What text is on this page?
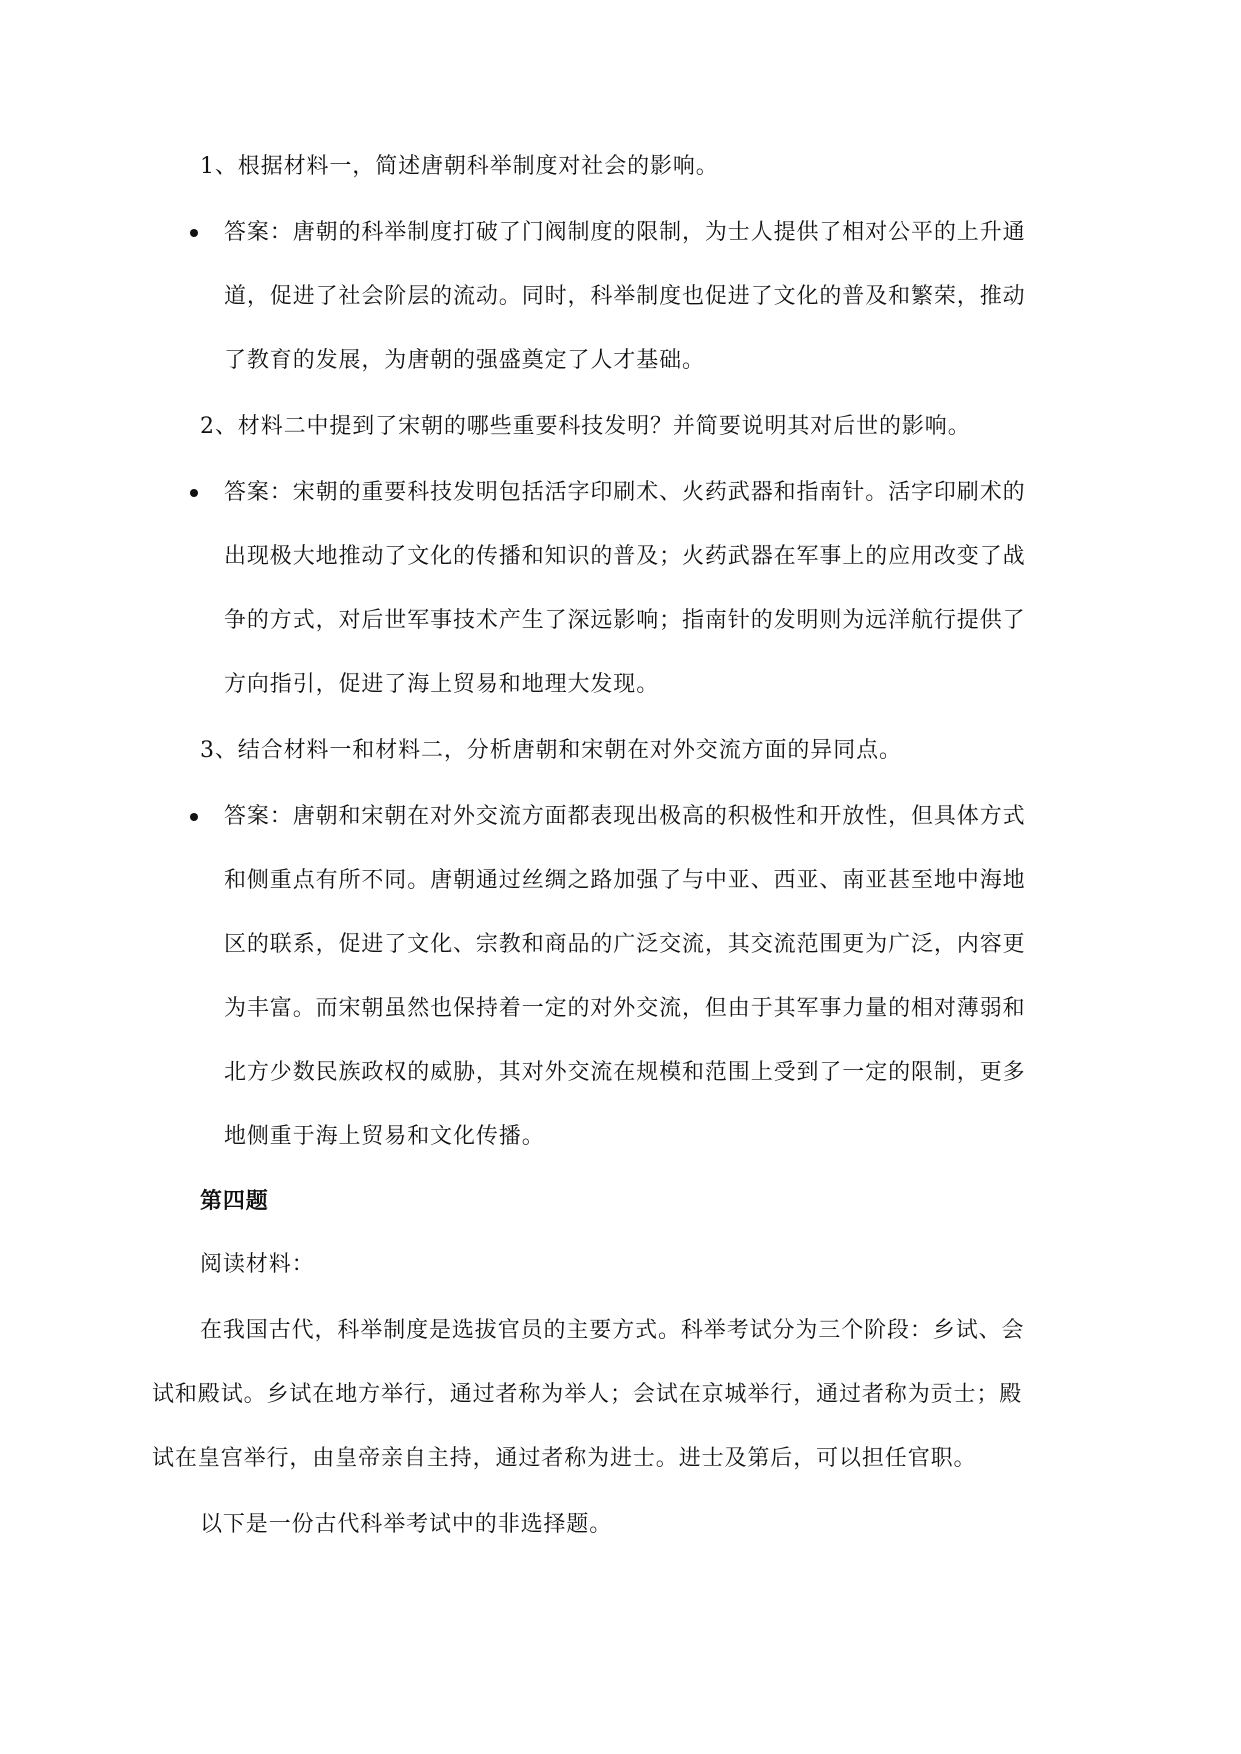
1、根据材料一，简述唐朝科举制度对社会的影响。
答案：唐朝的科举制度打破了门阀制度的限制，为士人提供了相对公平的上升通
道，促进了社会阶层的流动。同时，科举制度也促进了文化的普及和繁荣，推动
了教育的发展，为唐朝的强盛奠定了人才基础。
2、材料二中提到了宋朝的哪些重要科技发明？并简要说明其对后世的影响。
答案：宋朝的重要科技发明包括活字印刷术、火药武器和指南针。活字印刷术的
出现极大地推动了文化的传播和知识的普及；火药武器在军事上的应用改变了战
争的方式，对后世军事技术产生了深远影响；指南针的发明则为远洋航行提供了
方向指引，促进了海上贸易和地理大发现。
3、结合材料一和材料二，分析唐朝和宋朝在对外交流方面的异同点。
答案：唐朝和宋朝在对外交流方面都表现出极高的积极性和开放性，但具体方式
和侧重点有所不同。唐朝通过丝绸之路加强了与中亚、西亚、南亚甚至地中海地
区的联系，促进了文化、宗教和商品的广泛交流，其交流范围更为广泛，内容更
为丰富。而宋朝虽然也保持着一定的对外交流，但由于其军事力量的相对薄弱和
北方少数民族政权的威胁，其对外交流在规模和范围上受到了一定的限制，更多
地侧重于海上贸易和文化传播。
第四题
阅读材料：
在我国古代，科举制度是选拔官员的主要方式。科举考试分为三个阶段：乡试、会
试和殿试。乡试在地方举行，通过者称为举人；会试在京城举行，通过者称为贡士；殿
试在皇宫举行，由皇帝亲自主持，通过者称为进士。进士及第后，可以担任官职。
以下是一份古代科举考试中的非选择题。
